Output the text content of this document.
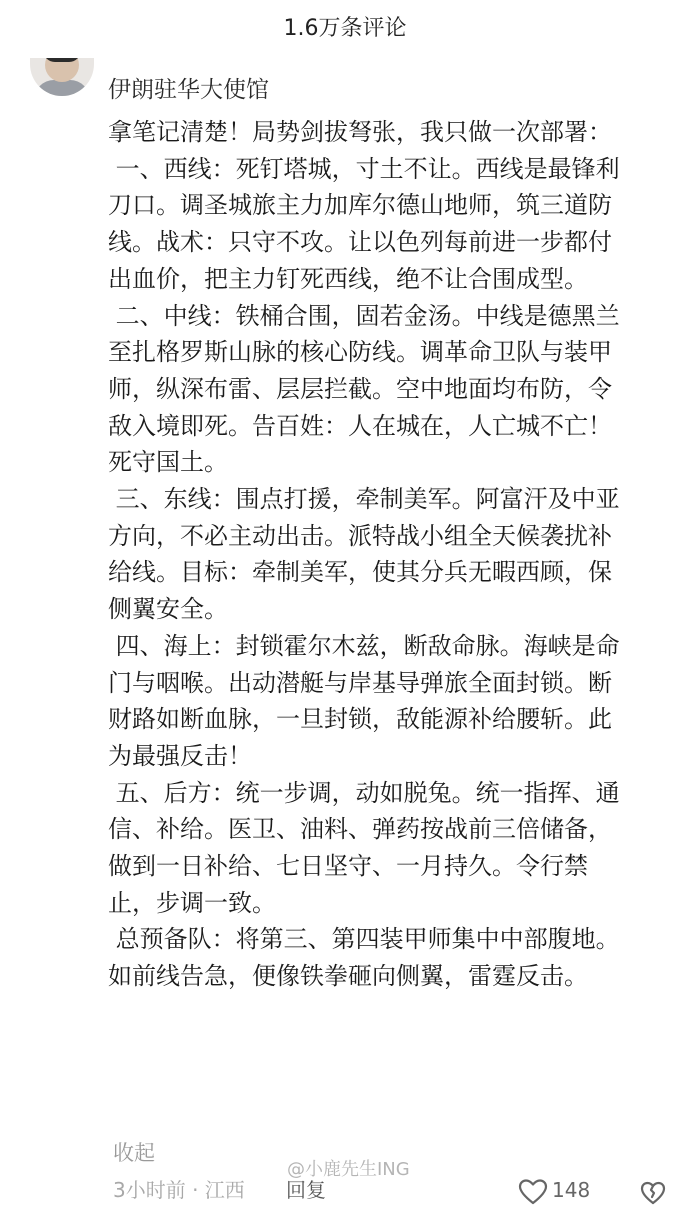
1.6万条评论
伊朗驻华大使馆

拿笔记清楚！局势剑拔弩张，我只做一次部署：

一、西线：死钉塔城，寸土不让。西线是最锋利

刀口。调圣城旅主力加库尔德山地师，筑三道防

线。战术：只守不攻。让以色列每前进一步都付

出血价，把主力钉死西线，绝不让合围成型。

二、中线：铁桶合围，固若金汤。中线是德黑兰

至扎格罗斯山脉的核心防线。调革命卫队与装甲

师，纵深布雷、层层拦截。空中地面均布防，令

敌入境即死。告百姓：人在城在，人亡城不亡！

死守国土。

三、东线：围点打援，牵制美军。阿富汗及中亚

方向，不必主动出击。派特战小组全天候袭扰补

给线。目标：牵制美军，使其分兵无暇西顾，保

侧翼安全。

四、海上：封锁霍尔木兹，断敌命脉。海峡是命

门与咽喉。出动潜艇与岸基导弹旅全面封锁。断

财路如断血脉，一旦封锁，敌能源补给腰斩。此

为最强反击！

五、后方：统一步调，动如脱兔。统一指挥、通

信、补给。医卫、油料、弹药按战前三倍储备，

做到一日补给、七日坚守、一月持久。令行禁

止，步调一致。

总预备队：将第三、第四装甲师集中中部腹地。

如前线告急，便像铁拳砸向侧翼，雷霆反击。

收起
3小时前 · 江西 回复
@小鹿先生ING
148
